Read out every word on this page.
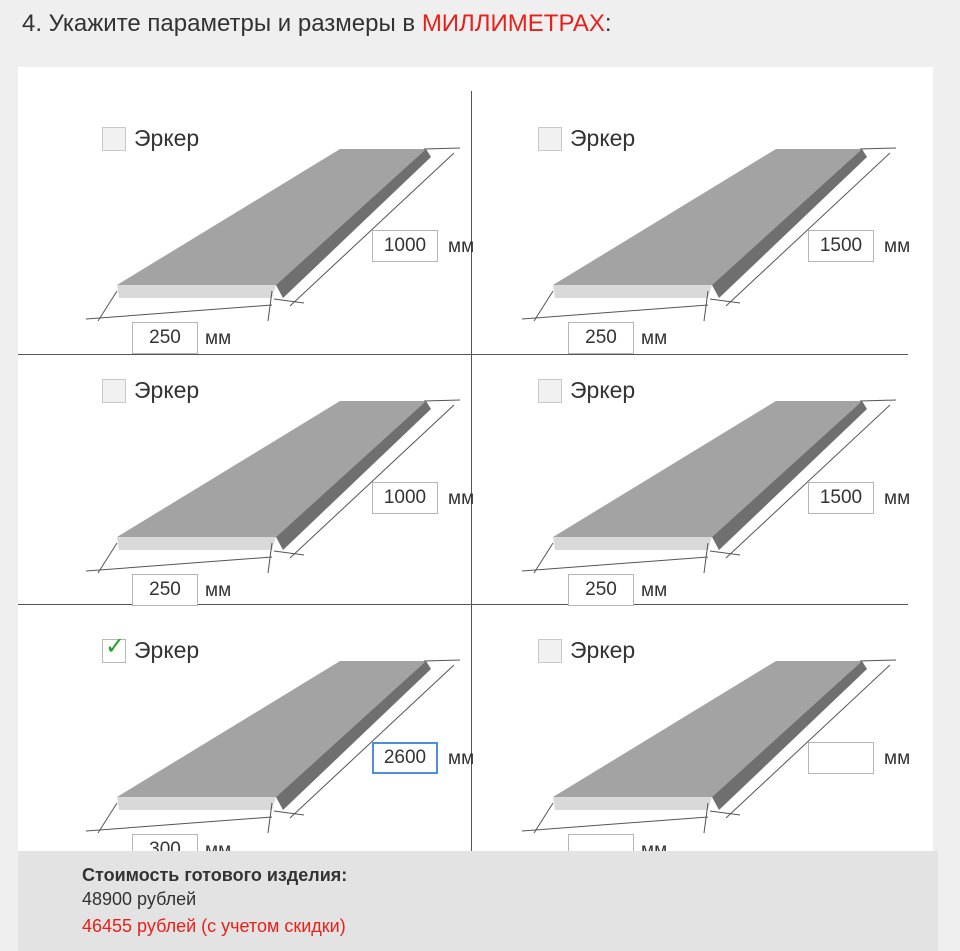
4. Укажите параметры и размеры в МИЛЛИМЕТРАХ:
Эркер
1000
мм
250
мм
Эркер
1500
мм
250
мм
Эркер
1000
мм
250
мм
Эркер
1500
мм
250
мм
✓ Эркер
2600
мм
300
Эркер
мм
Стоимость готового изделия:
48900 рублей
46455 рублей (с учетом скидки)
